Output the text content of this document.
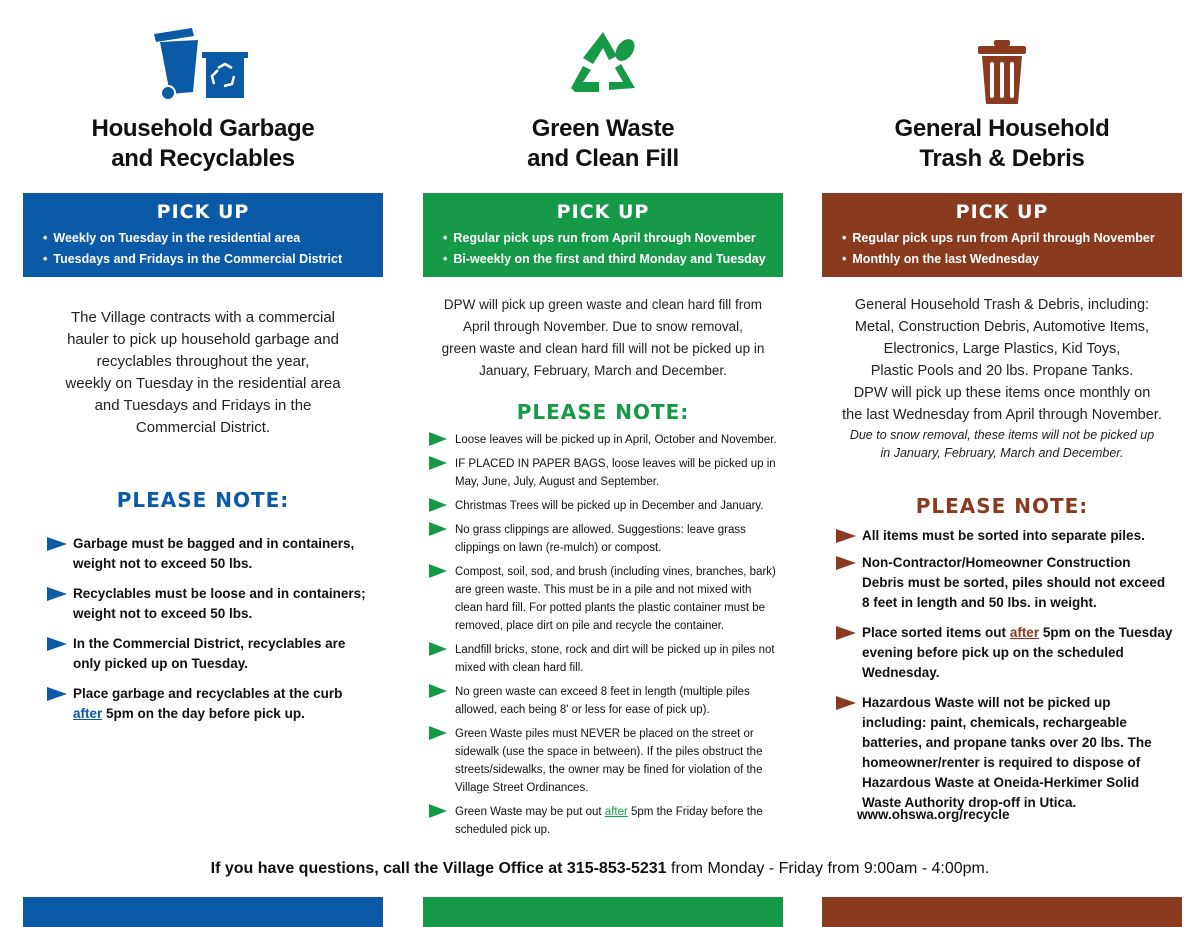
Household Garbage
and Recyclables
PICK UP
• Weekly on Tuesday in the residential area
• Tuesdays and Fridays in the Commercial District

The Village contracts with a commercial

hauler to pick up household garbage and

recyclables throughout the year,

weekly on Tuesday in the residential area

and Tuesdays and Fridays in the

Commercial District.

PLEASE NOTE:
Garbage must be bagged and in containers, weight not to exceed 50 lbs.
Recyclables must be loose and in containers; weight not to exceed 50 lbs.
In the Commercial District, recyclables are only picked up on Tuesday.
Place garbage and recyclables at the curb after 5pm on the day before pick up.
Green Waste
and Clean Fill
PICK UP
• Regular pick ups run from April through November
• Bi-weekly on the first and third Monday and Tuesday

DPW will pick up green waste and clean hard fill from

April through November. Due to snow removal,

green waste and clean hard fill will not be picked up in

January, February, March and December.

PLEASE NOTE:
Loose leaves will be picked up in April, October and November.
IF PLACED IN PAPER BAGS, loose leaves will be picked up in May, June, July, August and September.
Christmas Trees will be picked up in December and January.
No grass clippings are allowed. Suggestions: leave grass clippings on lawn (re-mulch) or compost.
Compost, soil, sod, and brush (including vines, branches, bark) are green waste. This must be in a pile and not mixed with clean hard fill. For potted plants the plastic container must be removed, place dirt on pile and recycle the container.
Landfill bricks, stone, rock and dirt will be picked up in piles not mixed with clean hard fill.
No green waste can exceed 8 feet in length (multiple piles allowed, each being 8' or less for ease of pick up).
Green Waste piles must NEVER be placed on the street or sidewalk (use the space in between). If the piles obstruct the streets/sidewalks, the owner may be fined for violation of the Village Street Ordinances.
Green Waste may be put out after 5pm the Friday before the scheduled pick up.
General Household
Trash & Debris
PICK UP
• Regular pick ups run from April through November
• Monthly on the last Wednesday

General Household Trash & Debris, including:

Metal, Construction Debris, Automotive Items,

Electronics, Large Plastics, Kid Toys,

Plastic Pools and 20 lbs. Propane Tanks.

DPW will pick up these items once monthly on

the last Wednesday from April through November.

Due to snow removal, these items will not be picked up

in January, February, March and December.

PLEASE NOTE:
All items must be sorted into separate piles.
Non-Contractor/Homeowner Construction Debris must be sorted, piles should not exceed 8 feet in length and 50 lbs. in weight.
Place sorted items out after 5pm on the Tuesday evening before pick up on the scheduled Wednesday.
Hazardous Waste will not be picked up including: paint, chemicals, rechargeable batteries, and propane tanks over 20 lbs. The homeowner/renter is required to dispose of Hazardous Waste at Oneida-Herkimer Solid Waste Authority drop-off in Utica.
www.ohswa.org/recycle
If you have questions, call the Village Office at 315-853-5231 from Monday - Friday from 9:00am - 4:00pm.
